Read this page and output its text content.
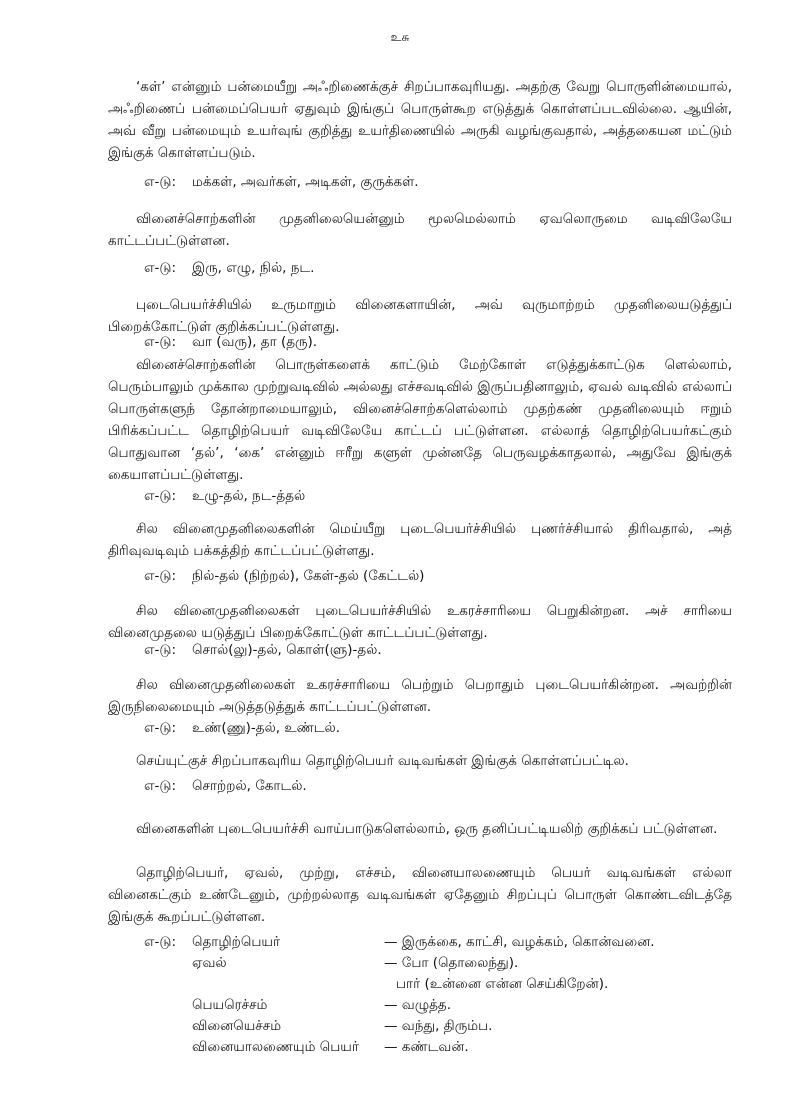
உசு
‘கள்’ என்னும் பன்மையீறு அஃறிணைக்குச் சிறப்பாகவுரியது. அதற்கு வேறு பொருளின்மையால், அஃறிணைப் பன்மைப்பெயர் ஏதுவும் இங்குப் பொருள்கூற எடுத்துக் கொள்ளப்படவில்லை. ஆயின், அவ் வீறு பன்மையும் உயர்வுங் குறித்து உயர்திணையில் அருகி வழங்குவதால், அத்தகையன மட்டும் இங்குக் கொள்ளப்படும்.
எ-டு: மக்கள், அவர்கள், அடிகள், குருக்கள்.
வினைச்சொற்களின் முதனிலையென்னும் மூலமெல்லாம் ஏவலொருமை வடிவிலேயே காட்டப்பட்டுள்ளன.
எ-டு: இரு, எழு, நில், நட.
புடைபெயர்ச்சியில் உருமாறும் வினைகளாயின், அவ் வுருமாற்றம் முதனிலையடுத்துப் பிறைக்கோட்டுள் குறிக்கப்பட்டுள்ளது.
எ-டு: வா (வரு), தா (தரு).
வினைச்சொற்களின் பொருள்களைக் காட்டும் மேற்கோள் எடுத்துக்காட்டுக ளெல்லாம், பெரும்பாலும் முக்கால முற்றுவடிவில் அல்லது எச்சவடிவில் இருப்பதினாலும், ஏவல் வடிவில் எல்லாப் பொருள்களுந் தோன்றாமையாலும், வினைச்சொற்களெல்லாம் முதற்கண் முதனிலையும் ஈறும் பிரிக்கப்பட்ட தொழிற்பெயர் வடிவிலேயே காட்டப் பட்டுள்ளன. எல்லாத் தொழிற்பெயர்கட்கும் பொதுவான ‘தல்’, ‘கை’ என்னும் ஈரீறு களுள் முன்னதே பெருவழக்காதலால், அதுவே இங்குக் கையாளப்பட்டுள்ளது.
எ-டு: உழு-தல், நட-த்தல்
சில வினைமுதனிலைகளின் மெய்யீறு புடைபெயர்ச்சியில் புணர்ச்சியால் திரிவதால், அத் திரிவுவடிவும் பக்கத்திற் காட்டப்பட்டுள்ளது.
எ-டு: நில்-தல் (நிற்றல்), கேள்-தல் (கேட்டல்)
சில வினைமுதனிலைகள் புடைபெயர்ச்சியில் உகரச்சாரியை பெறுகின்றன. அச் சாரியை வினைமுதலை யடுத்துப் பிறைக்கோட்டுள் காட்டப்பட்டுள்ளது.
எ-டு: சொல்(லு)-தல், கொள்(ளு)-தல்.
சில வினைமுதனிலைகள் உகரச்சாரியை பெற்றும் பெறாதும் புடைபெயர்கின்றன. அவற்றின் இருநிலைமையும் அடுத்தடுத்துக் காட்டப்பட்டுள்ளன.
எ-டு: உண்(ணு)-தல், உண்டல்.
செய்யுட்குச் சிறப்பாகவுரிய தொழிற்பெயர் வடிவங்கள் இங்குக் கொள்ளப்பட்டில.
எ-டு: சொற்றல், கோடல்.
வினைகளின் புடைபெயர்ச்சி வாய்பாடுகளெல்லாம், ஒரு தனிப்பட்டியலிற் குறிக்கப் பட்டுள்ளன.
தொழிற்பெயர், ஏவல், முற்று, எச்சம், வினையாலணையும் பெயர் வடிவங்கள் எல்லா வினைகட்கும் உண்டேனும், முற்றல்லாத வடிவங்கள் ஏதேனும் சிறப்புப் பொருள் கொண்டவிடத்தே இங்குக் கூறப்பட்டுள்ளன.
எ-டு: தொழிற்பெயர்	— இருக்கை, காட்சி, வழக்கம், கொன்வனை.
ஏவல்	— போ (தொலைந்து).
பார் (உன்னை என்ன செய்கிறேன்).
பெயரெச்சம்	— வழுத்த.
வினையெச்சம்	— வந்து, திரும்ப.
வினையாலணையும் பெயர் — கண்டவன்.
